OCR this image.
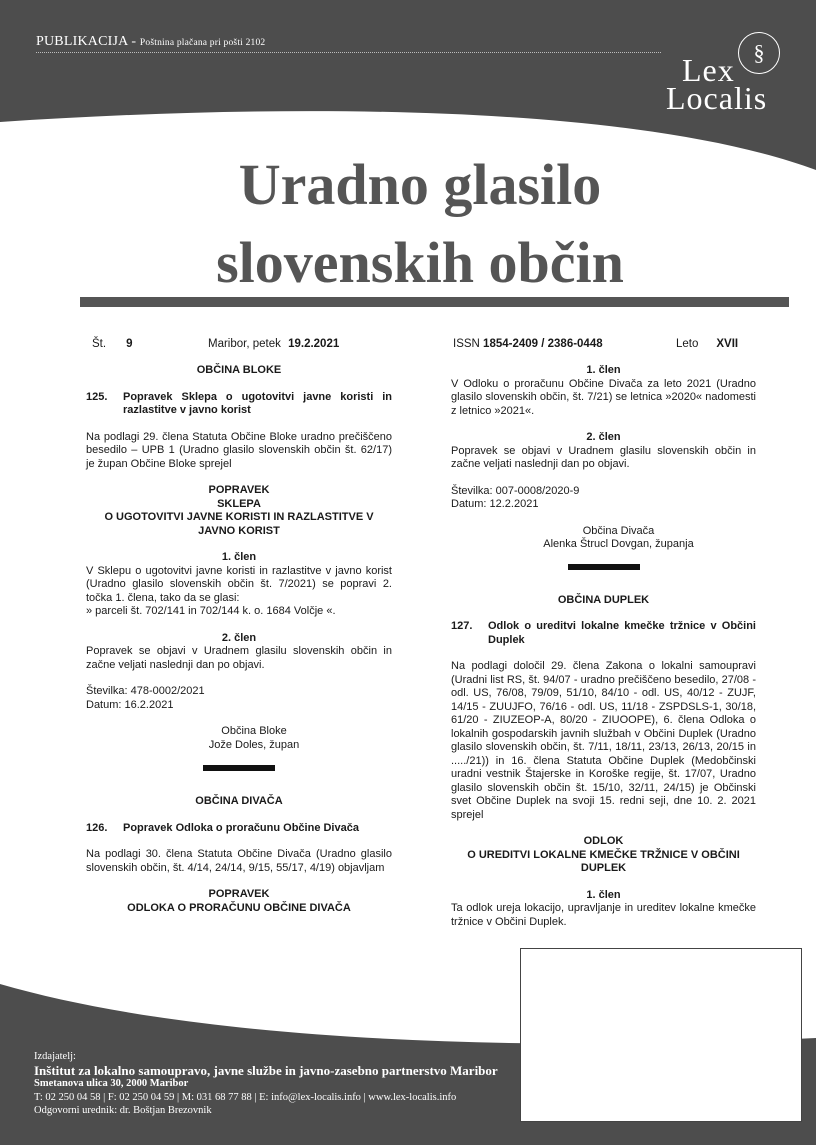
PUBLIKACIJA - Poštnina plačana pri pošti 2102	§
Lex
Localis
Uradno glasilo
slovenskih občin
Št. 9	Maribor, petek 19.2.2021	ISSN 1854-2409 / 2386-0448	Leto XVII

OBČINA BLOKE

125.	Popravek Sklepa o ugotovitvi javne koristi in razlastitve v javno korist

Na podlagi 29. člena Statuta Občine Bloke uradno prečiščeno besedilo – UPB 1 (Uradno glasilo slovenskih občin št. 62/17) je župan Občine Bloke sprejel

POPRAVEK

SKLEPA

O UGOTOVITVI JAVNE KORISTI IN RAZLASTITVE V JAVNO KORIST

1. člen

V Sklepu o ugotovitvi javne koristi in razlastitve v javno korist (Uradno glasilo slovenskih občin št. 7/2021) se popravi 2. točka 1. člena, tako da se glasi:

» parceli št. 702/141 in 702/144 k. o. 1684 Volčje «.

2. člen

Popravek se objavi v Uradnem glasilu slovenskih občin in začne veljati naslednji dan po objavi.

Številka: 478-0002/2021

Datum: 16.2.2021

Občina Bloke

Jože Doles, župan

OBČINA DIVAČA

126.	Popravek Odloka o proračunu Občine Divača

Na podlagi 30. člena Statuta Občine Divača (Uradno glasilo slovenskih občin, št. 4/14, 24/14, 9/15, 55/17, 4/19) objavljam

POPRAVEK

ODLOKA O PRORAČUNU OBČINE DIVAČA

1. člen

V Odloku o proračunu Občine Divača za leto 2021 (Uradno glasilo slovenskih občin, št. 7/21) se letnica »2020« nadomesti z letnico »2021«.

2. člen

Popravek se objavi v Uradnem glasilu slovenskih občin in začne veljati naslednji dan po objavi.

Številka: 007-0008/2020-9

Datum: 12.2.2021

Občina Divača

Alenka Štrucl Dovgan, županja

OBČINA DUPLEK

127.	Odlok o ureditvi lokalne kmečke tržnice v Občini Duplek

Na podlagi določil 29. člena Zakona o lokalni samoupravi (Uradni list RS, št. 94/07 - uradno prečiščeno besedilo, 27/08 - odl. US, 76/08, 79/09, 51/10, 84/10 - odl. US, 40/12 - ZUJF, 14/15 - ZUUJFO, 76/16 - odl. US, 11/18 - ZSPDSLS-1, 30/18, 61/20 - ZIUZEOP-A, 80/20 - ZIUOOPE), 6. člena Odloka o lokalnih gospodarskih javnih službah v Občini Duplek (Uradno glasilo slovenskih občin, št. 7/11, 18/11, 23/13, 26/13, 20/15 in ...../21)) in 16. člena Statuta Občine Duplek (Medobčinski uradni vestnik Štajerske in Koroške regije, št. 17/07, Uradno glasilo slovenskih občin št. 15/10, 32/11, 24/15) je Občinski svet Občine Duplek na svoji 15. redni seji, dne 10. 2. 2021 sprejel

ODLOK

O UREDITVI LOKALNE KMEČKE TRŽNICE V OBČINI DUPLEK

1. člen

Ta odlok ureja lokacijo, upravljanje in ureditev lokalne kmečke tržnice v Občini Duplek.

Izdajatelj:
Inštitut za lokalno samoupravo, javne službe in javno-zasebno partnerstvo Maribor
Smetanova ulica 30, 2000 Maribor
T: 02 250 04 58 | F: 02 250 04 59 | M: 031 68 77 88 | E: info@lex-localis.info | www.lex-localis.info
Odgovorni urednik: dr. Boštjan Brezovnik
